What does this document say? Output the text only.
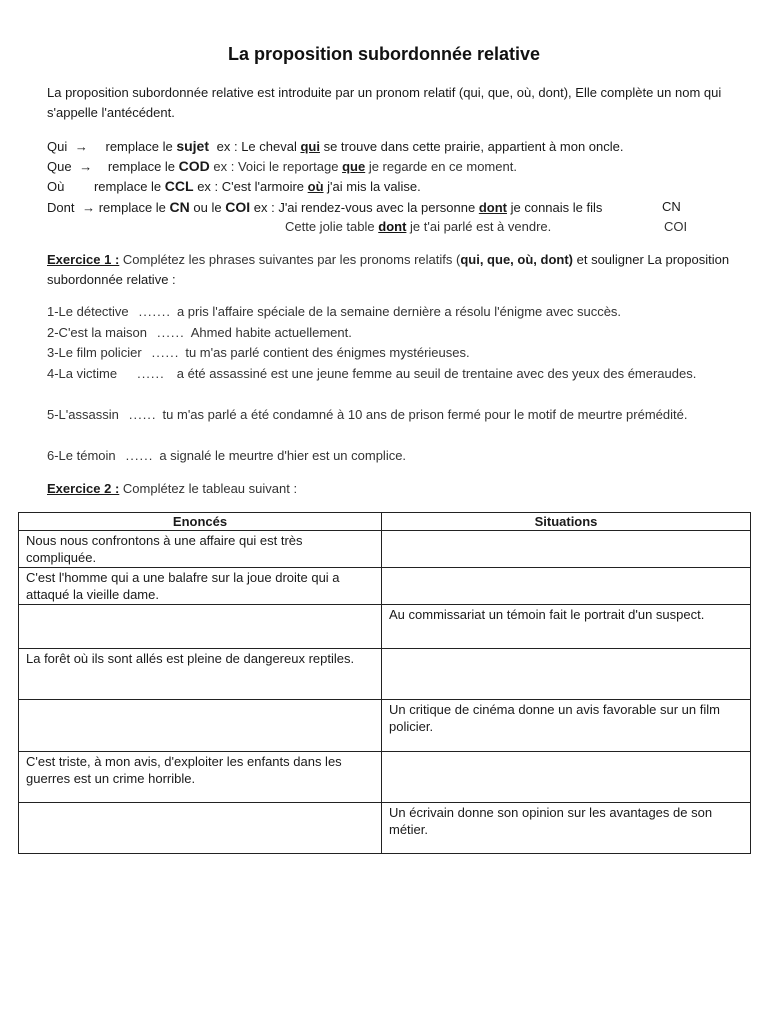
La proposition subordonnée relative
La proposition subordonnée relative est introduite par un pronom relatif (qui, que, où, dont), Elle complète un nom qui s'appelle l'antécédent.
Qui → remplace le sujet ex : Le cheval qui se trouve dans cette prairie, appartient à mon oncle.
Que → remplace le COD ex : Voici le reportage que je regarde en ce moment.
Où remplace le CCL ex : C'est l'armoire où j'ai mis la valise.
Dont → remplace le CN ou le COI ex : J'ai rendez-vous avec la personne dont je connais le fils	CN
Cette jolie table dont je t'ai parlé est à vendre.	COI
Exercice 1 : Complétez les phrases suivantes par les pronoms relatifs (qui, que, où, dont) et souligner La proposition subordonnée relative :
1-Le détective ....... a pris l'affaire spéciale de la semaine dernière a résolu l'énigme avec succès.
2-C'est la maison ...... Ahmed habite actuellement.
3-Le film policier ...... tu m'as parlé contient des énigmes mystérieuses.
4-La victime ...... a été assassiné est une jeune femme au seuil de trentaine avec des yeux des émeraudes.
5-L'assassin ...... tu m'as parlé a été condamné à 10 ans de prison fermé pour le motif de meurtre prémédité.
6-Le témoin ...... a signalé le meurtre d'hier est un complice.
Exercice 2 : Complétez le tableau suivant :
Enoncés	Situations
Nous nous confrontons à une affaire qui est très compliquée.	
C'est l'homme qui a une balafre sur la joue droite qui a attaqué la vieille dame.	
	Au commissariat un témoin fait le portrait d'un suspect.
La forêt où ils sont allés est pleine de dangereux reptiles.	
	Un critique de cinéma donne un avis favorable sur un film policier.
C'est triste, à mon avis, d'exploiter les enfants dans les guerres est un crime horrible.	
	Un écrivain donne son opinion sur les avantages de son métier.
